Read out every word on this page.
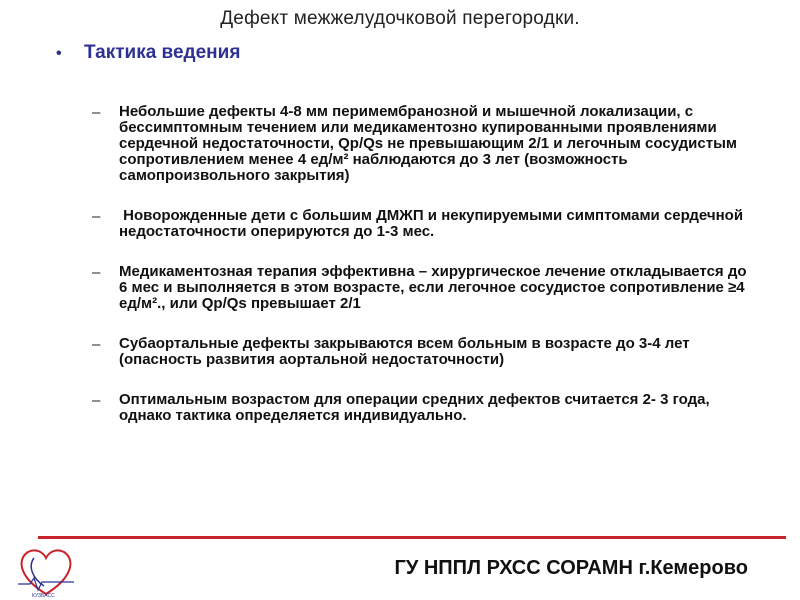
Дефект межжелудочковой перегородки.
• Тактика ведения
– Небольшие дефекты 4-8 мм перимембранозной и мышечной локализации, с бессимптомным течением или медикаментозно купированными проявлениями сердечной недостаточности, Qp/Qs не превышающим 2/1 и легочным сосудистым сопротивлением менее 4 ед/м² наблюдаются до 3 лет (возможность самопроизвольного закрытия)
– Новорожденные дети с большим ДМЖП и некупируемыми симптомами сердечной недостаточности оперируются до 1-3 мес.
– Медикаментозная терапия эффективна – хирургическое лечение откладывается до 6 мес и выполняется в этом возрасте, если легочное сосудистое сопротивление ≥4 ед/м²., или Qp/Qs превышает 2/1
– Субаортальные дефекты закрываются всем больным в возрасте до 3-4 лет (опасность развития аортальной недостаточности)
– Оптимальным возрастом для операции средних дефектов считается 2- 3 года, однако тактика определяется индивидуально.
КУЗБАСС
ГУ НППЛ РХСС СОРАМН г.Кемерово
